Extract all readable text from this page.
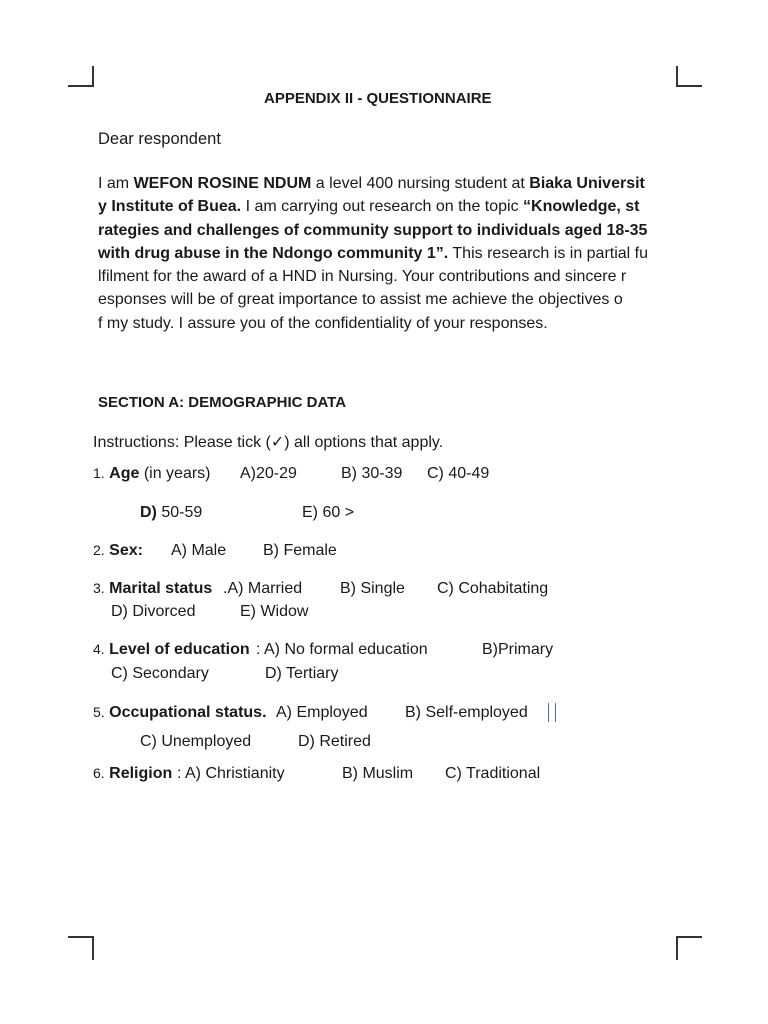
APPENDIX II - QUESTIONNAIRE
Dear respondent
I am WEFON ROSINE NDUM a level 400 nursing student at Biaka Universit
y Institute of Buea. I am carrying out research on the topic “Knowledge, st
rategies and challenges of community support to individuals aged 18-35
with drug abuse in the Ndongo community 1”. This research is in partial fu
lfilment for the award of a HND in Nursing. Your contributions and sincere r
esponses will be of great importance to assist me achieve the objectives o
f my study. I assure you of the confidentiality of your responses.
SECTION A: DEMOGRAPHIC DATA
Instructions: Please tick (✓) all options that apply.
1. Age (in years) A)20-29	B) 30-39 C) 40-49
D) 50-59	E) 60 >
2. Sex: A) Male B) Female
3. Marital status .A) Married B) Single C) Cohabitating
D) Divorced	E) Widow
4. Level of education : A) No formal education	B)Primary
C) Secondary	D) Tertiary
5. Occupational status. A) Employed B) Self-employed
C) Unemployed	D) Retired
6. Religion : A) Christianity	B) Muslim C) Traditional
